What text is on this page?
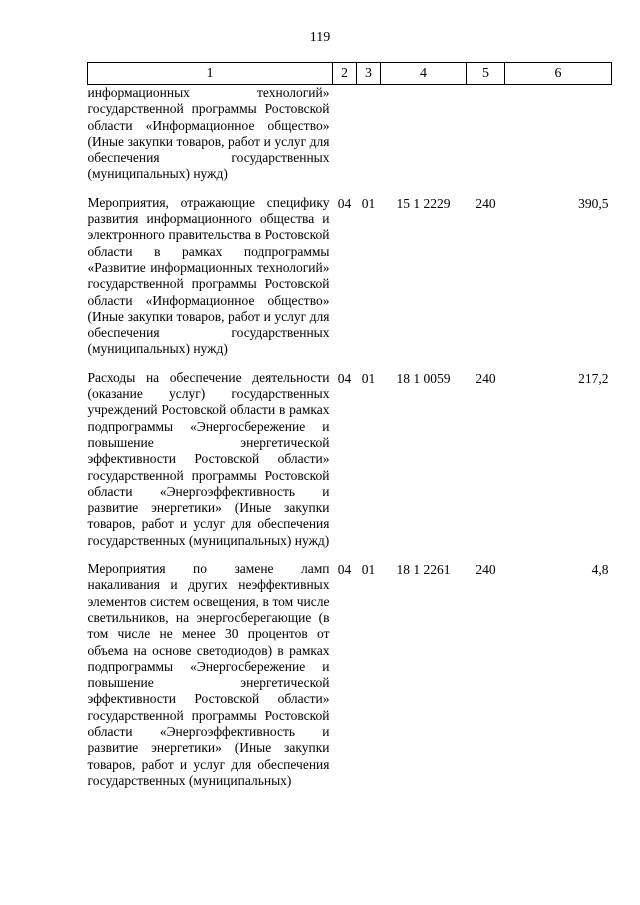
119
1	2	3	4	5	6
информационных технологий» государственной программы Ростовской области «Информационное общество» (Иные закупки товаров, работ и услуг для обеспечения государственных (муниципальных) нужд)					
Мероприятия, отражающие специфику развития информационного общества и электронного правительства в Ростовской области в рамках подпрограммы «Развитие информационных технологий» государственной программы Ростовской области «Информационное общество» (Иные закупки товаров, работ и услуг для обеспечения государственных (муниципальных) нужд)	04	01	15 1 2229	240	390,5
Расходы на обеспечение деятельности (оказание услуг) государственных учреждений Ростовской области в рамках подпрограммы «Энергосбережение и повышение энергетической эффективности Ростовской области» государственной программы Ростовской области «Энергоэффективность и развитие энергетики» (Иные закупки товаров, работ и услуг для обеспечения государственных (муниципальных) нужд)	04	01	18 1 0059	240	217,2
Мероприятия по замене ламп накаливания и других неэффективных элементов систем освещения, в том числе светильников, на энергосберегающие (в том числе не менее 30 процентов от объема на основе светодиодов) в рамках подпрограммы «Энергосбережение и повышение энергетической эффективности Ростовской области» государственной программы Ростовской области «Энергоэффективность и развитие энергетики» (Иные закупки товаров, работ и услуг для обеспечения государственных (муниципальных)	04	01	18 1 2261	240	4,8
